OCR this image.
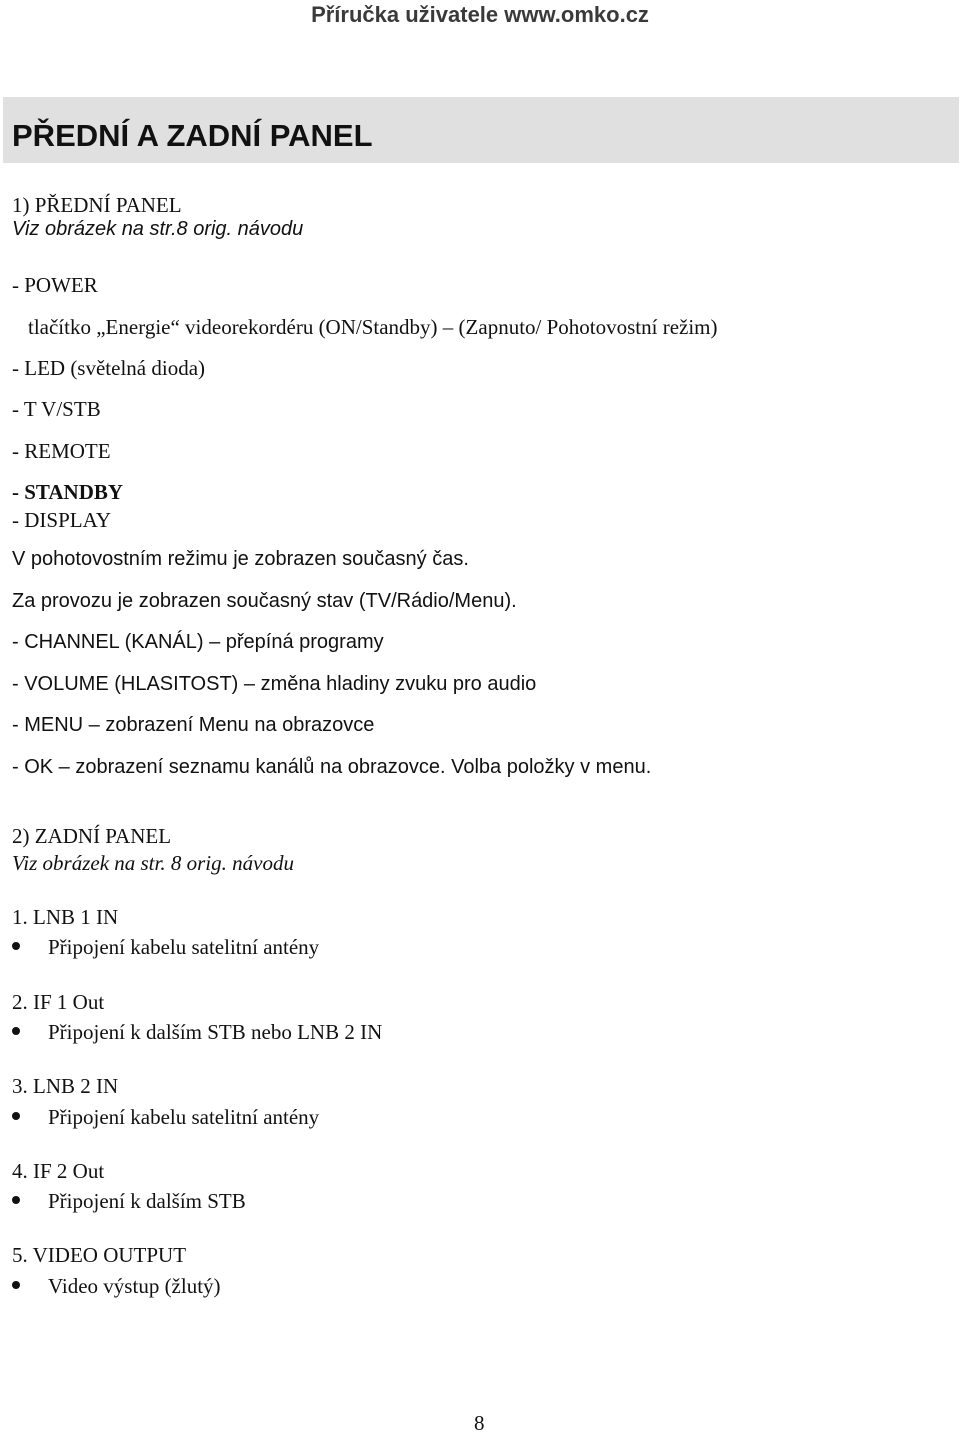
Příručka uživatele www.omko.cz
PŘEDNÍ A ZADNÍ PANEL
1) PŘEDNÍ PANEL
Viz obrázek na str.8 orig. návodu
- POWER
tlačítko „Energie“ videorekordéru (ON/Standby) – (Zapnuto/ Pohotovostní režim)
- LED (světelná dioda)
- T V/STB
- REMOTE
- STANDBY
- DISPLAY
V pohotovostním režimu je zobrazen současný čas.
Za provozu je zobrazen současný stav (TV/Rádio/Menu).
- CHANNEL (KANÁL) – přepíná programy
- VOLUME (HLASITOST) – změna hladiny zvuku pro audio
- MENU – zobrazení Menu na obrazovce
- OK – zobrazení seznamu kanálů na obrazovce. Volba položky v menu.
2) ZADNÍ PANEL
Viz obrázek na str. 8 orig. návodu
1. LNB 1 IN
Připojení kabelu satelitní antény
2. IF 1 Out
Připojení k dalším STB nebo LNB 2 IN
3. LNB 2 IN
Připojení kabelu satelitní antény
4. IF 2 Out
Připojení k dalším STB
5. VIDEO OUTPUT
Video výstup (žlutý)
8
